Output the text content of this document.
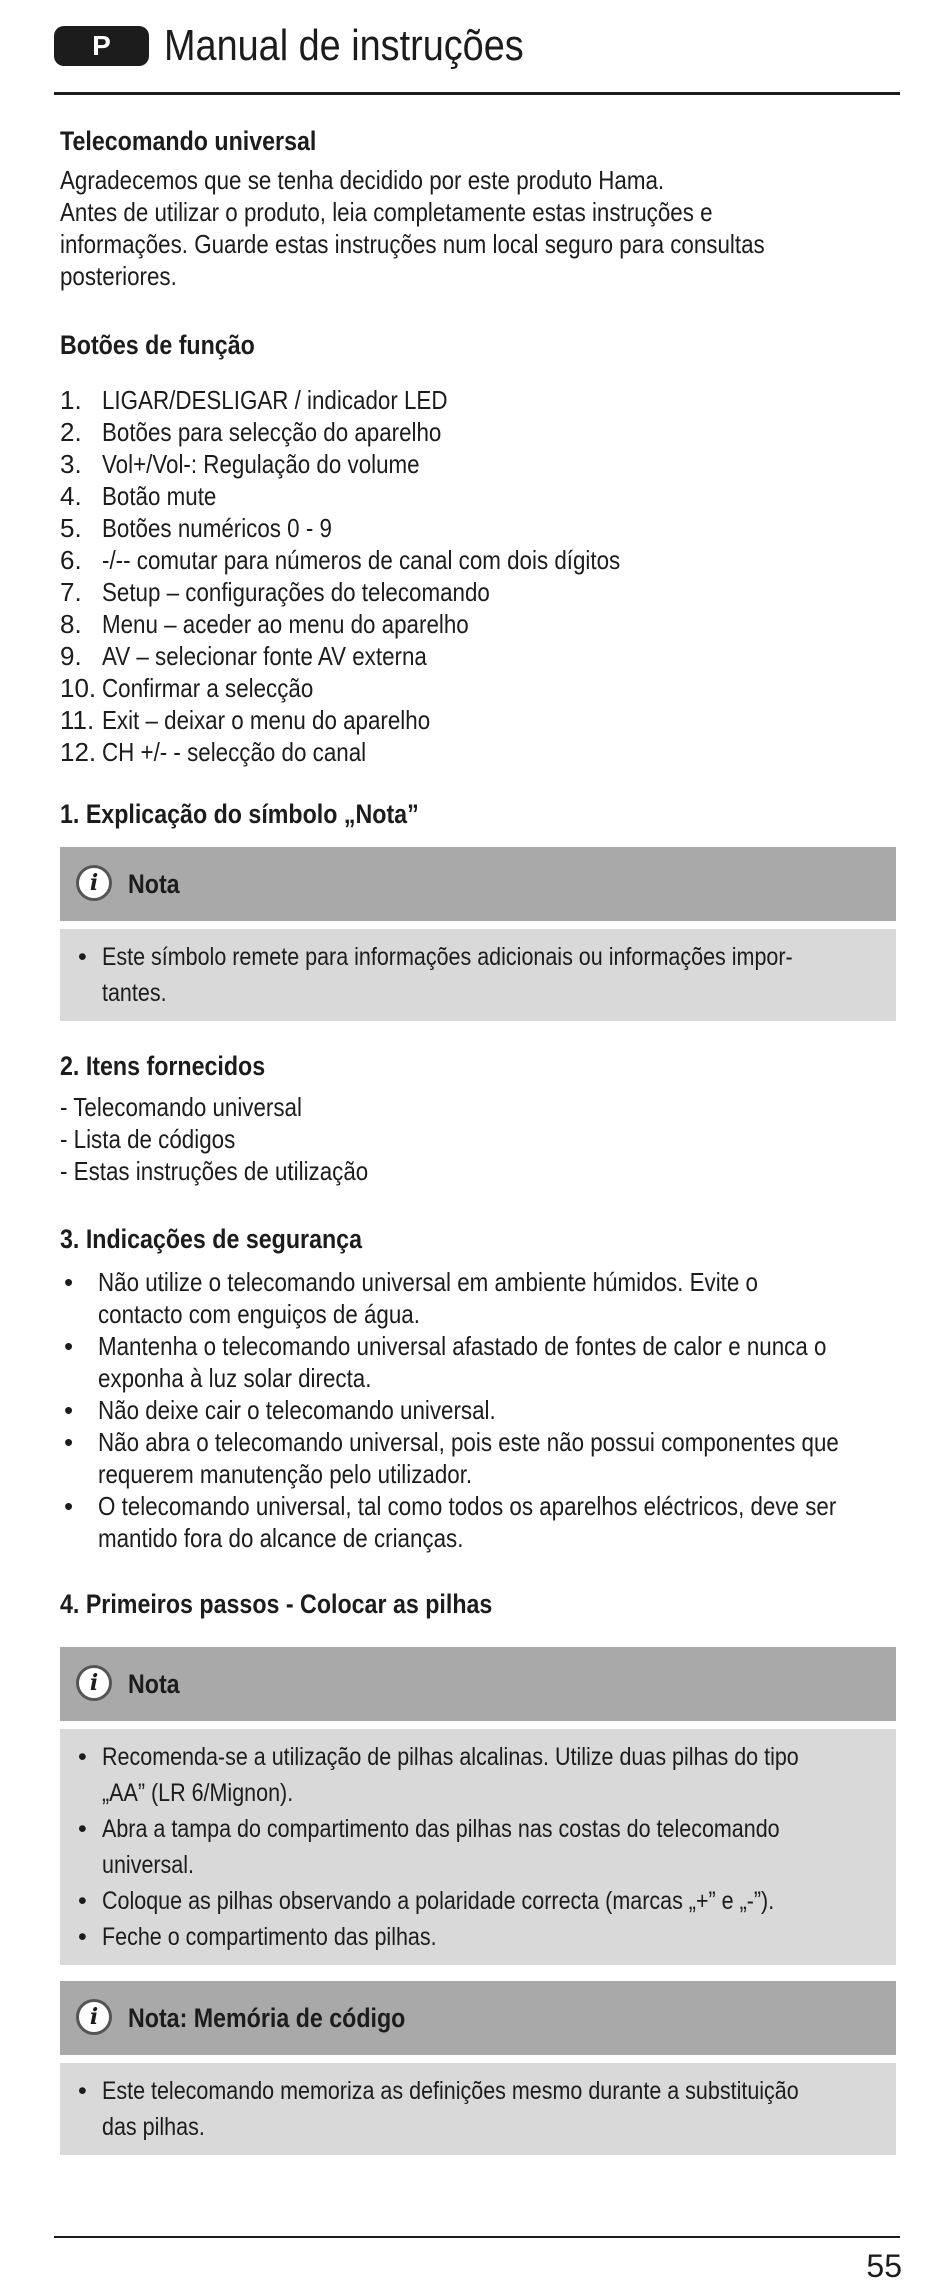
P	Manual de instruções
Telecomando universal
Agradecemos que se tenha decidido por este produto Hama.
Antes de utilizar o produto, leia completamente estas instruções e
informações. Guarde estas instruções num local seguro para consultas
posteriores.
Botões de função
1. LIGAR/DESLIGAR / indicador LED
2. Botões para selecção do aparelho
3. Vol+/Vol-: Regulação do volume
4. Botão mute
5. Botões numéricos 0 - 9
6. -/-- comutar para números de canal com dois dígitos
7. Setup – configurações do telecomando
8. Menu – aceder ao menu do aparelho
9. AV – selecionar fonte AV externa
10. Confirmar a selecção
11. Exit – deixar o menu do aparelho
12. CH +/- - selecção do canal
1. Explicação do símbolo „Nota”
i	Nota
• Este símbolo remete para informações adicionais ou informações impor-
tantes.
2. Itens fornecidos
- Telecomando universal
- Lista de códigos
- Estas instruções de utilização
3. Indicações de segurança
• Não utilize o telecomando universal em ambiente húmidos. Evite o
contacto com enguiços de água.
• Mantenha o telecomando universal afastado de fontes de calor e nunca o
exponha à luz solar directa.
• Não deixe cair o telecomando universal.
• Não abra o telecomando universal, pois este não possui componentes que
requerem manutenção pelo utilizador.
• O telecomando universal, tal como todos os aparelhos eléctricos, deve ser
mantido fora do alcance de crianças.
4. Primeiros passos - Colocar as pilhas
i	Nota
• Recomenda-se a utilização de pilhas alcalinas. Utilize duas pilhas do tipo
„AA” (LR 6/Mignon).
• Abra a tampa do compartimento das pilhas nas costas do telecomando
universal.
• Coloque as pilhas observando a polaridade correcta (marcas „+” e „-”).
• Feche o compartimento das pilhas.
i	Nota: Memória de código
• Este telecomando memoriza as definições mesmo durante a substituição
das pilhas.
55
